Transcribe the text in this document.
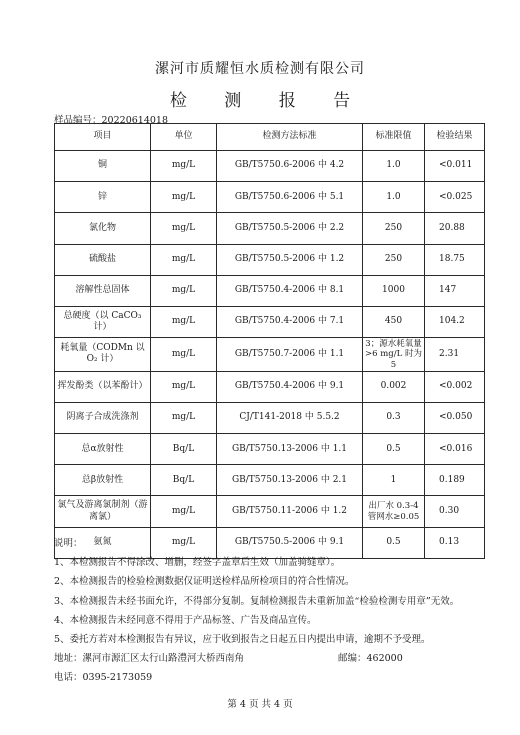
漯河市质耀恒水质检测有限公司
检 测 报 告
样品编号：20220614018
项目	单位	检测方法标准	标准限值	检验结果
铜	mg/L	GB/T5750.6-2006 中 4.2	1.0	<0.011
锌	mg/L	GB/T5750.6-2006 中 5.1	1.0	<0.025
氯化物	mg/L	GB/T5750.5-2006 中 2.2	250	20.88
硫酸盐	mg/L	GB/T5750.5-2006 中 1.2	250	18.75
溶解性总固体	mg/L	GB/T5750.4-2006 中 8.1	1000	147
总硬度（以 CaCO₃ 计）	mg/L	GB/T5750.4-2006 中 7.1	450	104.2
耗氧量（CODMn 以 O₂ 计）	mg/L	GB/T5750.7-2006 中 1.1	3；源水耗氧量>6 mg/L 时为 5	2.31
挥发酚类（以苯酚计）	mg/L	GB/T5750.4-2006 中 9.1	0.002	<0.002
阴离子合成洗涤剂	mg/L	CJ/T141-2018 中 5.5.2	0.3	<0.050
总α放射性	Bq/L	GB/T5750.13-2006 中 1.1	0.5	<0.016
总β放射性	Bq/L	GB/T5750.13-2006 中 2.1	1	0.189
氯气及游离氯制剂（游离氯）	mg/L	GB/T5750.11-2006 中 1.2	出厂水 0.3-4 管网水≥0.05	0.30
氨氮	mg/L	GB/T5750.5-2006 中 9.1	0.5	0.13
说明：
1、本检测报告不得涂改、增删，经签字盖章后生效（加盖骑缝章）。
2、本检测报告的检验检测数据仅证明送检样品所检项目的符合性情况。
3、本检测报告未经书面允许，不得部分复制。复制检测报告未重新加盖“检验检测专用章”无效。
4、本检测报告未经同意不得用于产品标签、广告及商品宣传。
5、委托方若对本检测报告有异议，应于收到报告之日起五日内提出申请，逾期不予受理。
地址：漯河市源汇区太行山路澧河大桥西南角	邮编：462000
电话：0395-2173059
第 4 页 共 4 页
